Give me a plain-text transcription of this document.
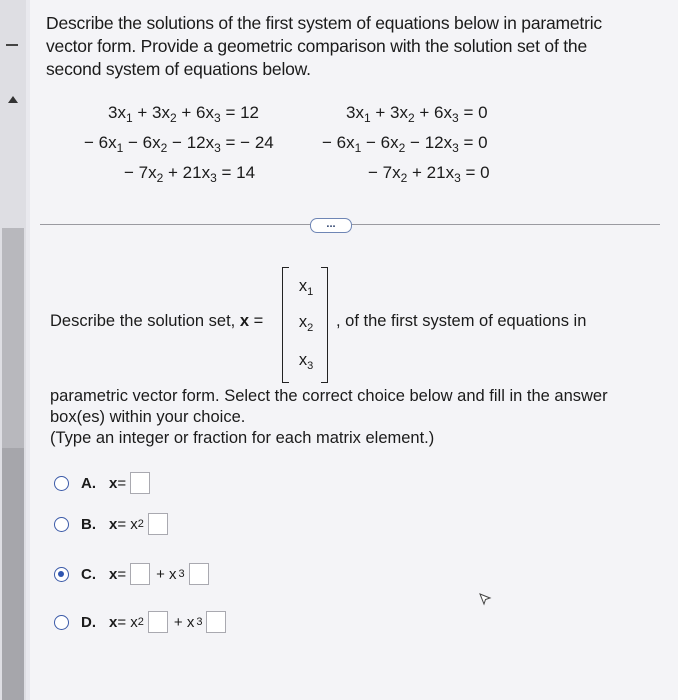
Describe the solutions of the first system of equations below in parametric vector form. Provide a geometric comparison with the solution set of the second system of equations below.
$3x_1 + 3x_2 + 6x_3 = 12$
− $6x_1 - 6x_2 - 12x_3$ = − 24
− $7x_2 + 21x_3 = 14$
$3x_1 + 3x_2 + 6x_3 = 0$
− $6x_1 - 6x_2 - 12x_3 = 0$
− $7x_2 + 21x_3 = 0$
...
Describe the solution set, x =
$x_1$
$x_2$
$x_3$
, of the first system of equations in
parametric vector form. Select the correct choice below and fill in the answer box(es) within your choice.
(Type an integer or fraction for each matrix element.)
A. x =
B. x = x 2
C. x = + x 3
D. x = x 2 + x 3
